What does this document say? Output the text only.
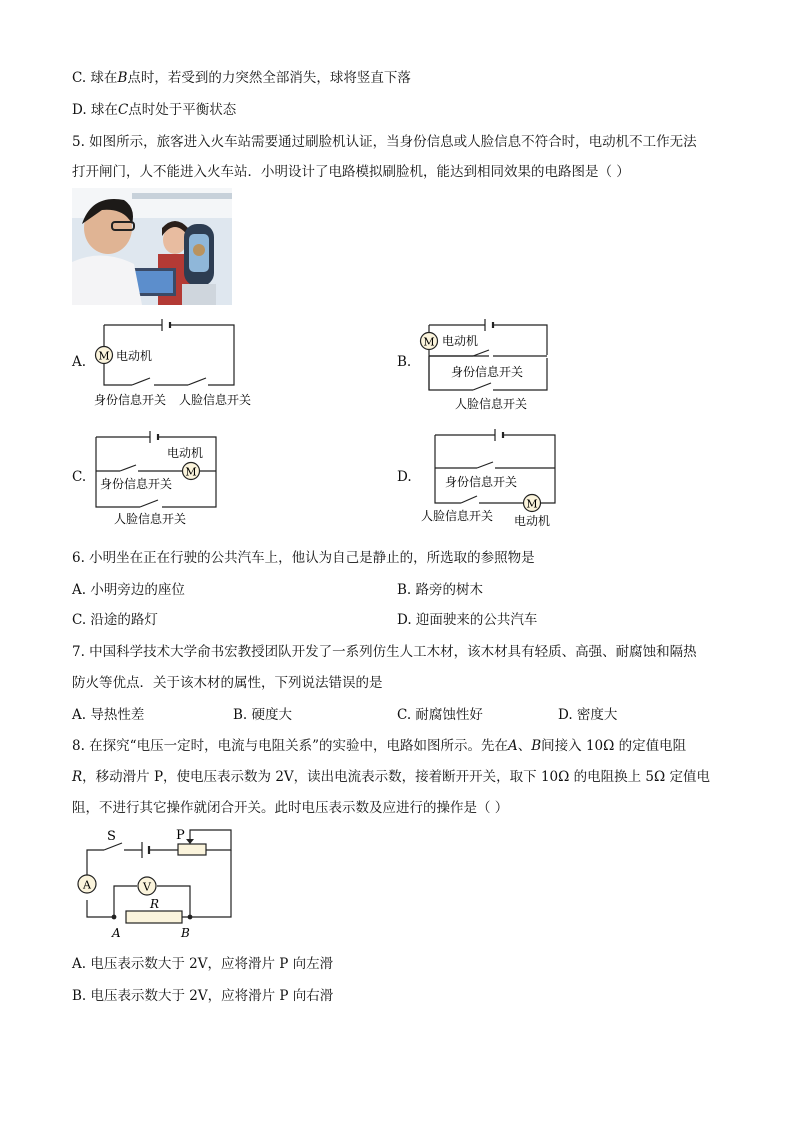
C. 球在B点时，若受到的力突然全部消失，球将竖直下落
D. 球在C点时处于平衡状态
5. 如图所示，旅客进入火车站需要通过刷脸机认证，当身份信息或人脸信息不符合时，电动机不工作无法
打开闸门，人不能进入火车站．小明设计了电路模拟刷脸机，能达到相同效果的电路图是（ ）
A. M 电动机
身份信息开关 人脸信息开关
B.
M 电动机
身份信息开关
人脸信息开关
C.	M
电动机
身份信息开关
人脸信息开关
D.
M
电动机
身份信息开关
人脸信息开关
6. 小明坐在正在行驶的公共汽车上，他认为自己是静止的，所选取的参照物是
A. 小明旁边的座位	B. 路旁的树木
C. 沿途的路灯	D. 迎面驶来的公共汽车
7. 中国科学技术大学俞书宏教授团队开发了一系列仿生人工木材，该木材具有轻质、高强、耐腐蚀和隔热
防火等优点．关于该木材的属性，下列说法错误的是
A. 导热性差	B. 硬度大	C. 耐腐蚀性好	D. 密度大
8. 在探究“电压一定时，电流与电阻关系”的实验中，电路如图所示。先在A、B间接入 10Ω 的定值电阻
R，移动滑片 P，使电压表示数为 2V，读出电流表示数，接着断开开关，取下 10Ω 的电阻换上 5Ω 定值电
阻，不进行其它操作就闭合开关。此时电压表示数及应进行的操作是（ ）
S	P
A	V
R
A	B
A. 电压表示数大于 2V，应将滑片 P 向左滑
B. 电压表示数大于 2V，应将滑片 P 向右滑
